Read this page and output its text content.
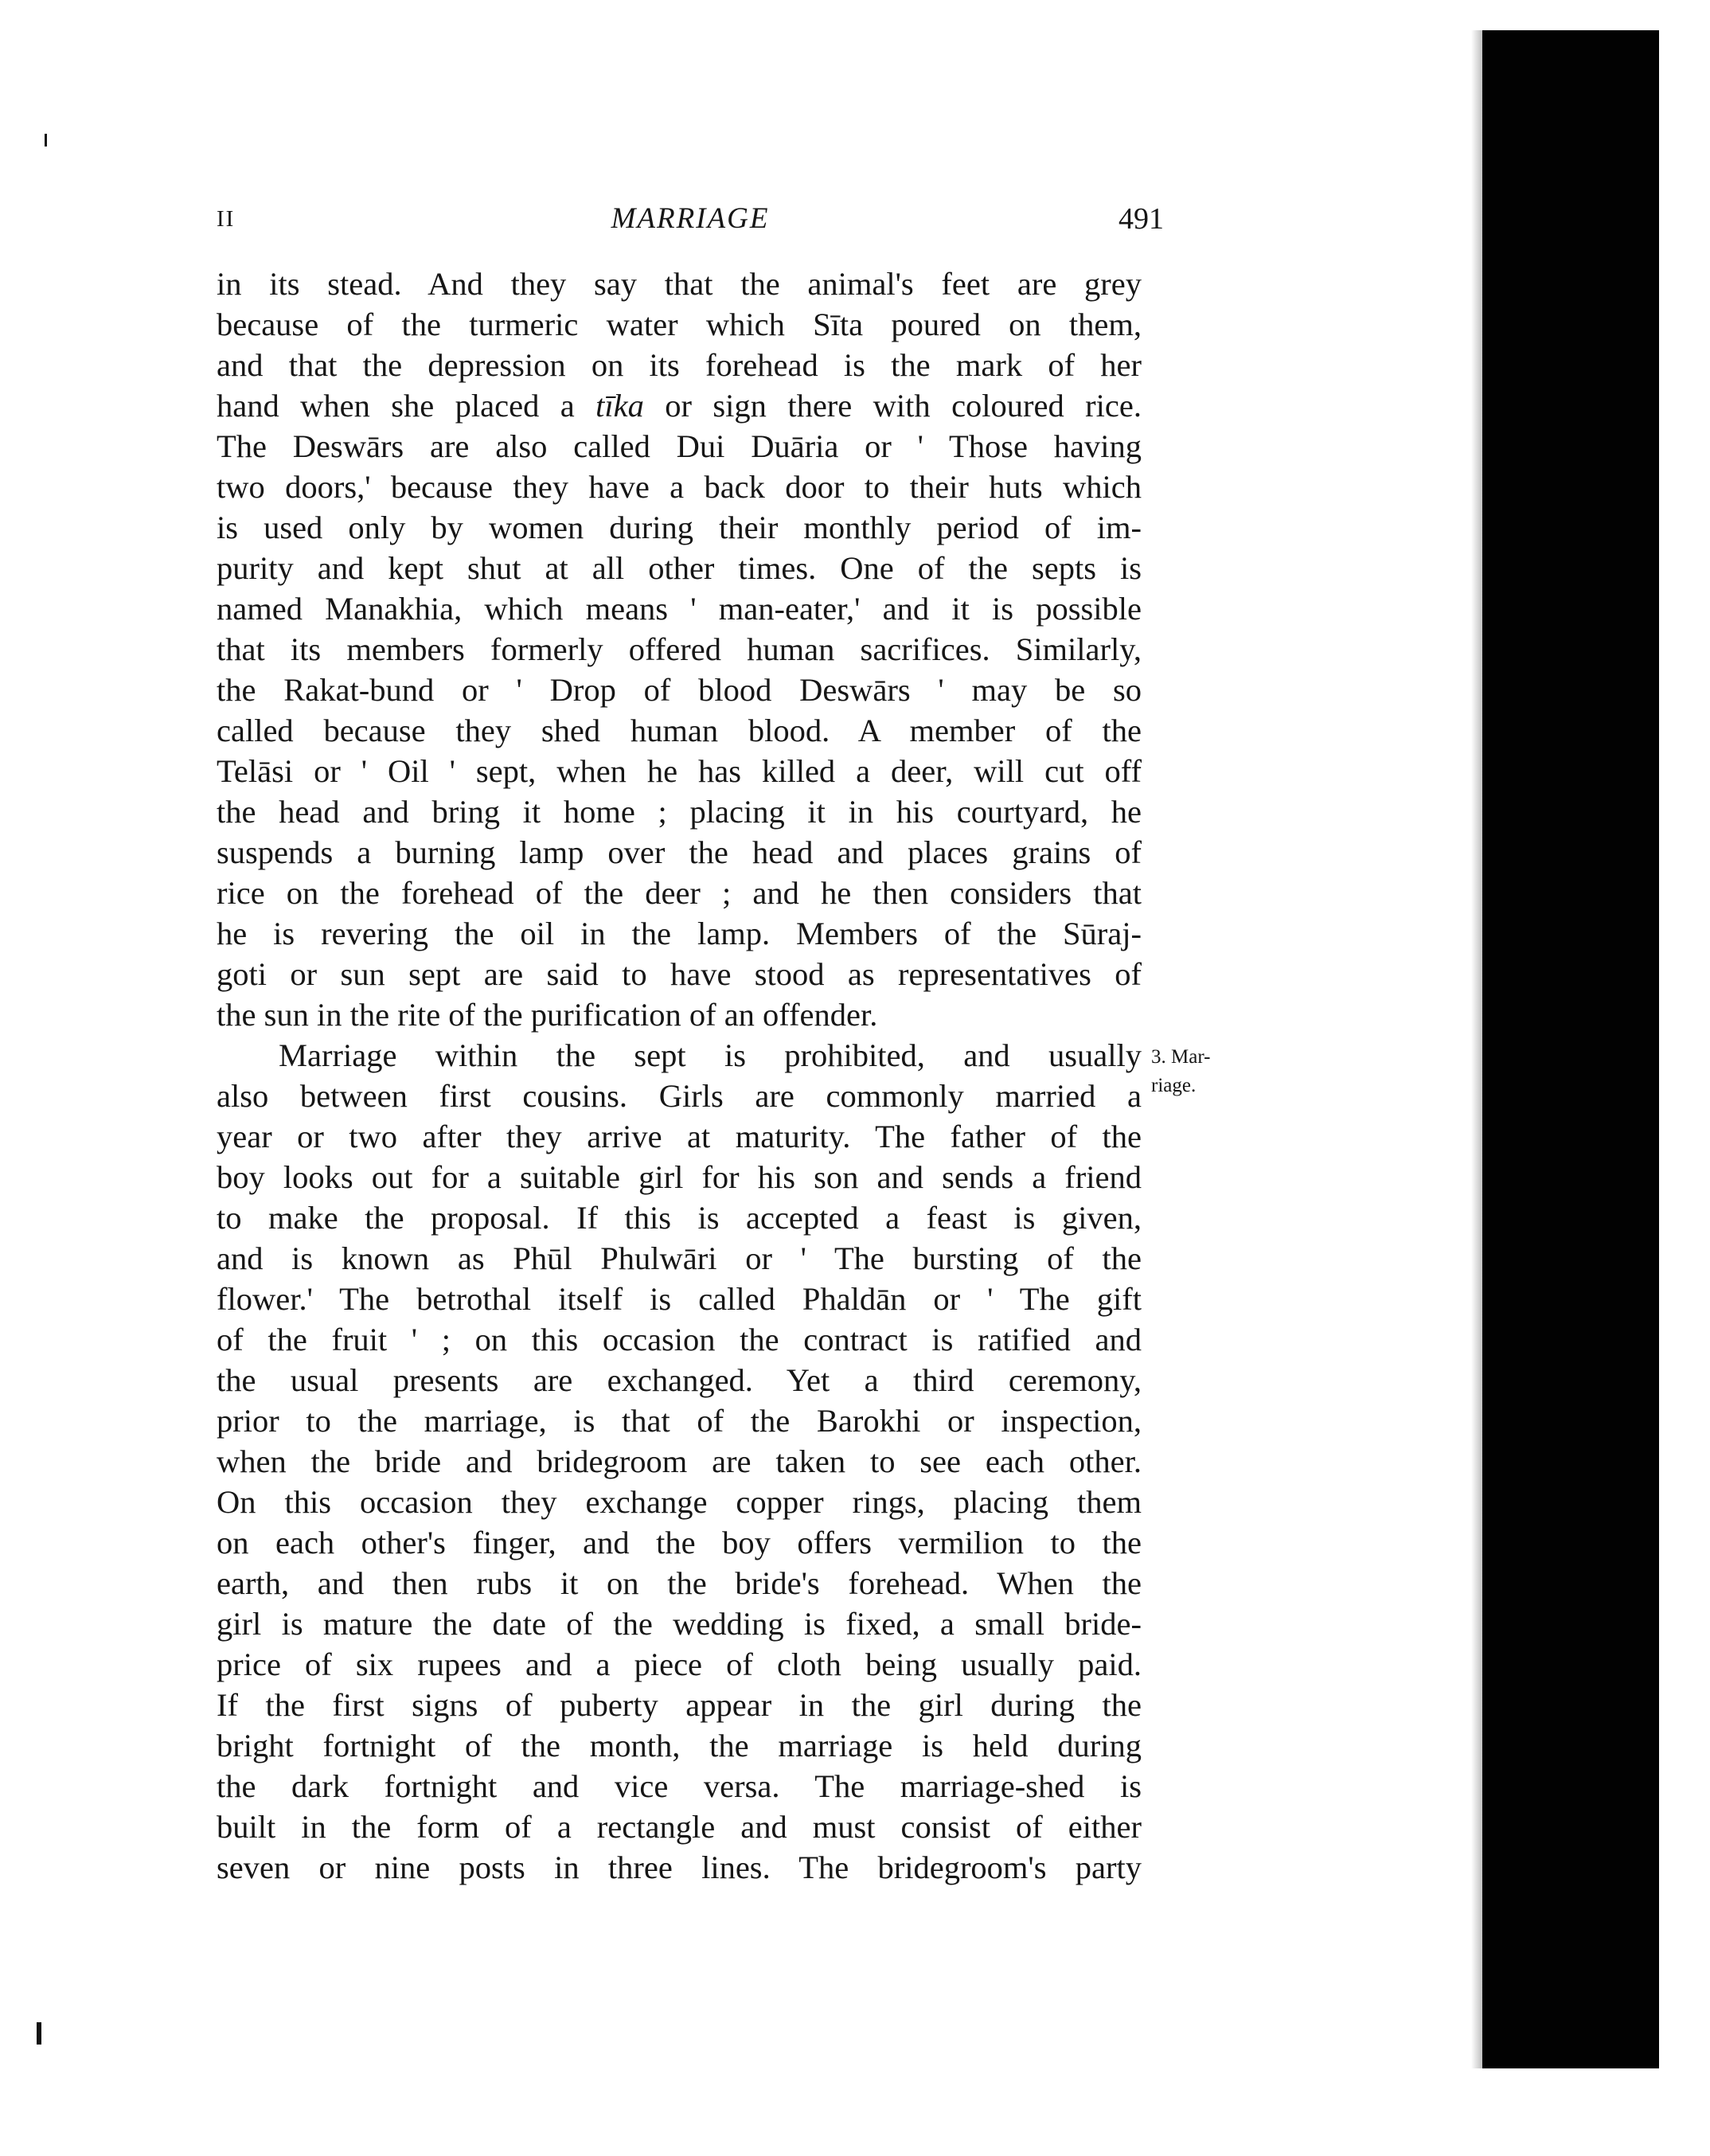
II	MARRIAGE	491
in its stead. And they say that the animal's feet are grey
because of the turmeric water which Sīta poured on them,
and that the depression on its forehead is the mark of her
hand when she placed a tīka or sign there with coloured rice.
The Deswārs are also called Dui Duāria or ' Those having
two doors,' because they have a back door to their huts which
is used only by women during their monthly period of im-
purity and kept shut at all other times. One of the septs is
named Manakhia, which means ' man-eater,' and it is possible
that its members formerly offered human sacrifices. Similarly,
the Rakat-bund or ' Drop of blood Deswārs ' may be so
called because they shed human blood. A member of the
Telāsi or ' Oil ' sept, when he has killed a deer, will cut off
the head and bring it home ; placing it in his courtyard, he
suspends a burning lamp over the head and places grains of
rice on the forehead of the deer ; and he then considers that
he is revering the oil in the lamp. Members of the Sūraj-
goti or sun sept are said to have stood as representatives of
the sun in the rite of the purification of an offender.
Marriage within the sept is prohibited, and usually
also between first cousins. Girls are commonly married a
year or two after they arrive at maturity. The father of the
boy looks out for a suitable girl for his son and sends a friend
to make the proposal. If this is accepted a feast is given,
and is known as Phūl Phulwāri or ' The bursting of the
flower.' The betrothal itself is called Phaldān or ' The gift
of the fruit ' ; on this occasion the contract is ratified and
the usual presents are exchanged. Yet a third ceremony,
prior to the marriage, is that of the Barokhi or inspection,
when the bride and bridegroom are taken to see each other.
On this occasion they exchange copper rings, placing them
on each other's finger, and the boy offers vermilion to the
earth, and then rubs it on the bride's forehead. When the
girl is mature the date of the wedding is fixed, a small bride-
price of six rupees and a piece of cloth being usually paid.
If the first signs of puberty appear in the girl during the
bright fortnight of the month, the marriage is held during
the dark fortnight and vice versa. The marriage-shed is
built in the form of a rectangle and must consist of either
seven or nine posts in three lines. The bridegroom's party
3. Mar-
riage.
